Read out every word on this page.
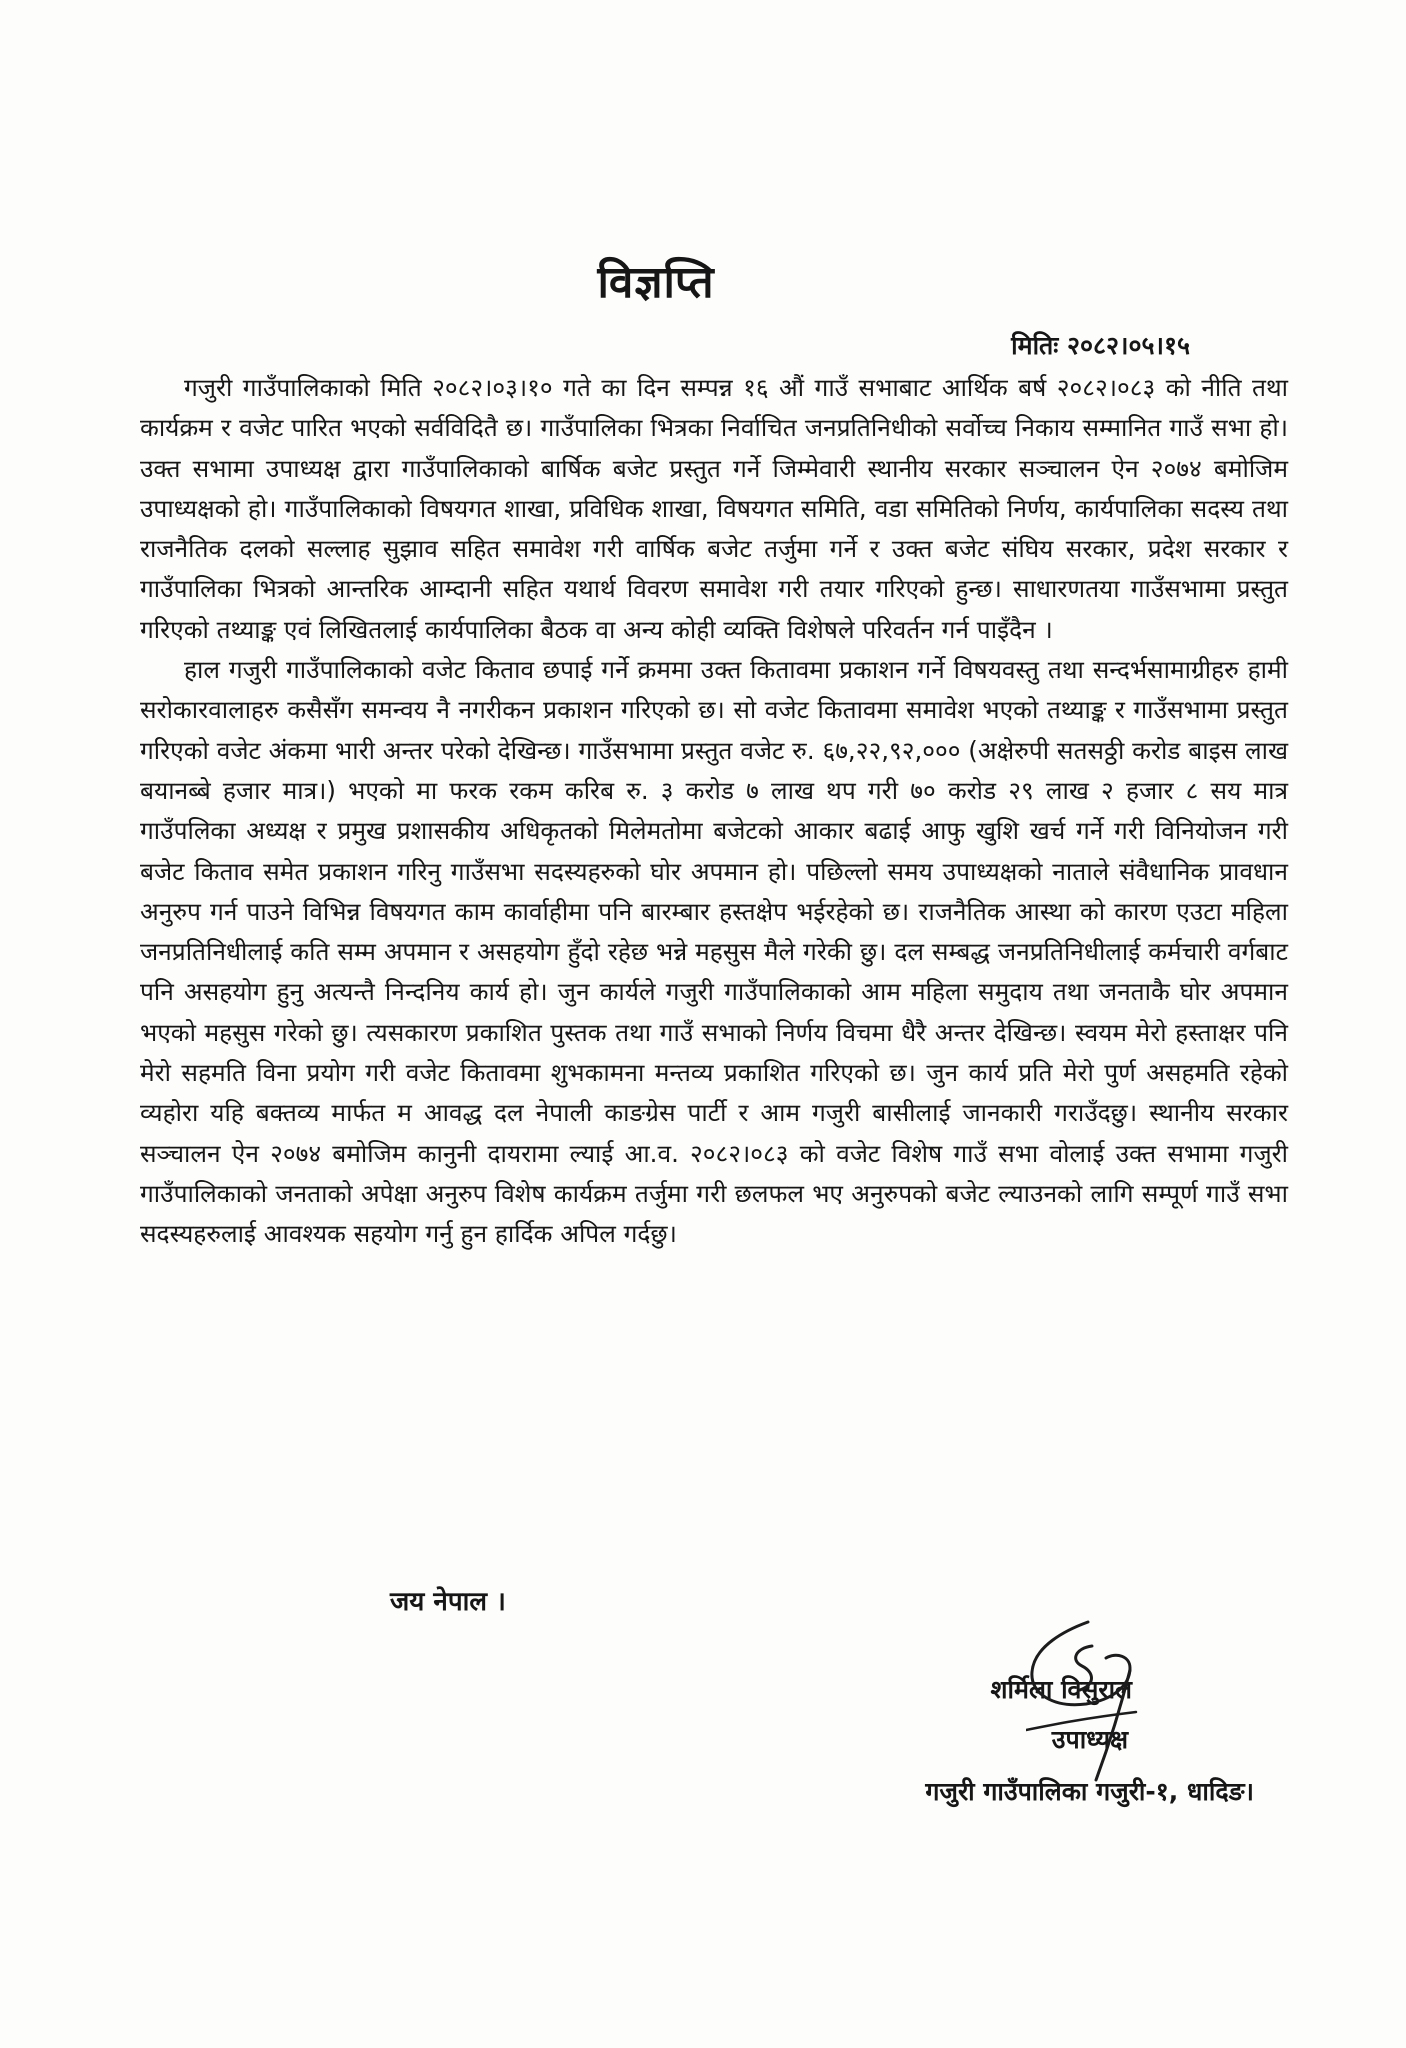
विज्ञप्ति
मितिः २०८२।०५।१५

गजुरी गाउँपालिकाको मिति २०८२।०३।१० गते का दिन सम्पन्न १६ औं गाउँ सभाबाट आर्थिक बर्ष २०८२।०८३ को नीति तथा कार्यक्रम र वजेट पारित भएको सर्वविदितै छ। गाउँपालिका भित्रका निर्वाचित जनप्रतिनिधीको सर्वोच्च निकाय सम्मानित गाउँ सभा हो। उक्त सभामा उपाध्यक्ष द्वारा गाउँपालिकाको बार्षिक बजेट प्रस्तुत गर्ने जिम्मेवारी स्थानीय सरकार सञ्चालन ऐन २०७४ बमोजिम उपाध्यक्षको हो। गाउँपालिकाको विषयगत शाखा, प्रविधिक शाखा, विषयगत समिति, वडा समितिको निर्णय, कार्यपालिका सदस्य तथा राजनैतिक दलको सल्लाह सुझाव सहित समावेश गरी वार्षिक बजेट तर्जुमा गर्ने र उक्त बजेट संघिय सरकार, प्रदेश सरकार र गाउँपालिका भित्रको आन्तरिक आम्दानी सहित यथार्थ विवरण समावेश गरी तयार गरिएको हुन्छ। साधारणतया गाउँसभामा प्रस्तुत गरिएको तथ्याङ्क एवं लिखितलाई कार्यपालिका बैठक वा अन्य कोही व्यक्ति विशेषले परिवर्तन गर्न पाइँदैन ।

हाल गजुरी गाउँपालिकाको वजेट किताव छपाई गर्ने क्रममा उक्त कितावमा प्रकाशन गर्ने विषयवस्तु तथा सन्दर्भसामाग्रीहरु हामी सरोकारवालाहरु कसैसँग समन्वय नै नगरीकन प्रकाशन गरिएको छ। सो वजेट कितावमा समावेश भएको तथ्याङ्क र गाउँसभामा प्रस्तुत गरिएको वजेट अंकमा भारी अन्तर परेको देखिन्छ। गाउँसभामा प्रस्तुत वजेट रु. ६७,२२,९२,००० (अक्षेरुपी सतसठ्ठी करोड बाइस लाख बयानब्बे हजार मात्र।) भएको मा फरक रकम करिब रु. ३ करोड ७ लाख थप गरी ७० करोड २९ लाख २ हजार ८ सय मात्र गाउँपलिका अध्यक्ष र प्रमुख प्रशासकीय अधिकृतको मिलेमतोमा बजेटको आकार बढाई आफु खुशि खर्च गर्ने गरी विनियोजन गरी बजेट किताव समेत प्रकाशन गरिनु गाउँसभा सदस्यहरुको घोर अपमान हो। पछिल्लो समय उपाध्यक्षको नाताले संवैधानिक प्रावधान अनुरुप गर्न पाउने विभिन्न विषयगत काम कार्वाहीमा पनि बारम्बार हस्तक्षेप भईरहेको छ। राजनैतिक आस्था को कारण एउटा महिला जनप्रतिनिधीलाई कति सम्म अपमान र असहयोग हुँदो रहेछ भन्ने महसुस मैले गरेकी छु। दल सम्बद्ध जनप्रतिनिधीलाई कर्मचारी वर्गबाट पनि असहयोग हुनु अत्यन्तै निन्दनिय कार्य हो। जुन कार्यले गजुरी गाउँपालिकाको आम महिला समुदाय तथा जनताकै घोर अपमान भएको महसुस गरेको छु। त्यसकारण प्रकाशित पुस्तक तथा गाउँ सभाको निर्णय विचमा धैरै अन्तर देखिन्छ। स्वयम मेरो हस्ताक्षर पनि मेरो सहमति विना प्रयोग गरी वजेट कितावमा शुभकामना मन्तव्य प्रकाशित गरिएको छ। जुन कार्य प्रति मेरो पुर्ण असहमति रहेको व्यहोरा यहि बक्तव्य मार्फत म आवद्ध दल नेपाली काङग्रेस पार्टी र आम गजुरी बासीलाई जानकारी गराउँदछु। स्थानीय सरकार सञ्चालन ऐन २०७४ बमोजिम कानुनी दायरामा ल्याई आ.व. २०८२।०८३ को वजेट विशेष गाउँ सभा वोलाई उक्त सभामा गजुरी गाउँपालिकाको जनताको अपेक्षा अनुरुप विशेष कार्यक्रम तर्जुमा गरी छलफल भए अनुरुपको बजेट ल्याउनको लागि सम्पूर्ण गाउँ सभा सदस्यहरुलाई आवश्यक सहयोग गर्नु हुन हार्दिक अपिल गर्दछु।

जय नेपाल ।
शर्मिला विसुराल
उपाध्यक्ष
गजुरी गाउँपालिका गजुरी-१, धादिङ।
